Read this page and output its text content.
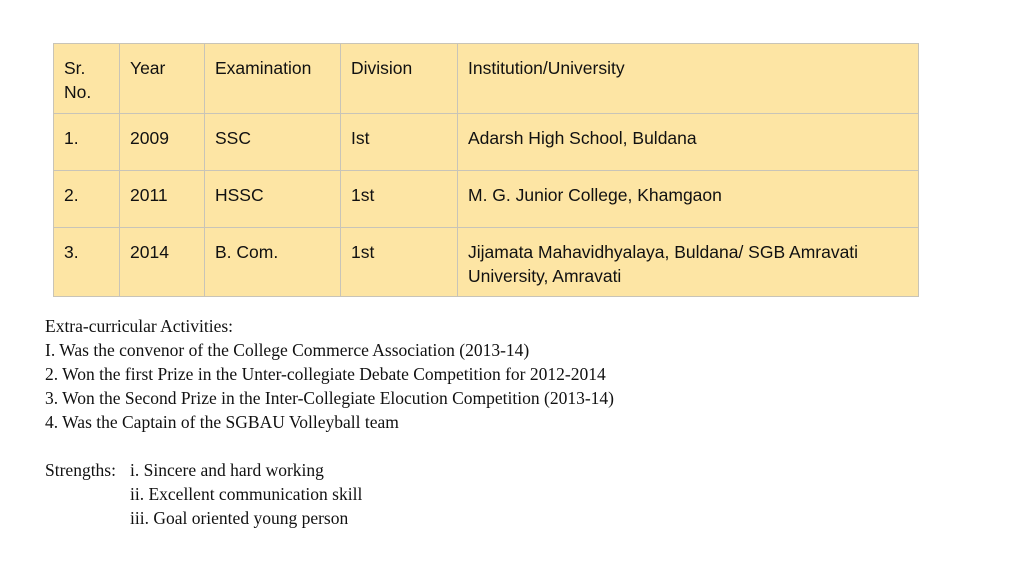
Sr. No.	Year	Examination	Division	Institution/University
1.	2009	SSC	Ist	Adarsh High School, Buldana
2.	2011	HSSC	1st	M. G. Junior College, Khamgaon
3.	2014	B. Com.	1st	Jijamata Mahavidhyalaya, Buldana/ SGB Amravati University, Amravati

Extra-curricular Activities:

I. Was the convenor of the College Commerce Association (2013-14)

2. Won the first Prize in the Unter-collegiate Debate Competition for 2012-2014

3. Won the Second Prize in the Inter-Collegiate Elocution Competition (2013-14)

4. Was the Captain of the SGBAU Volleyball team

Strengths: i. Sincere and hard working
ii. Excellent communication skill
iii. Goal oriented young person
